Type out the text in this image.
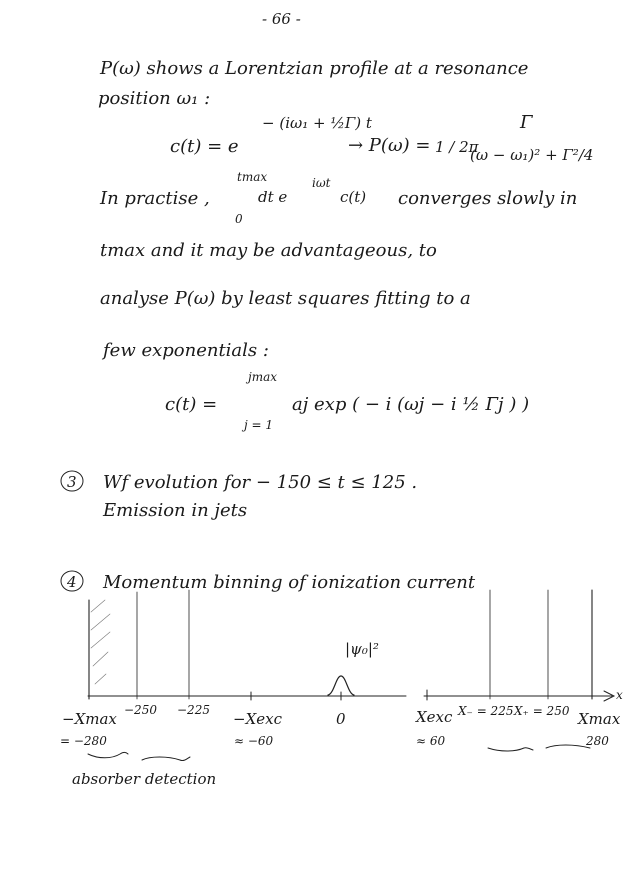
- 66 -
P(ω) shows a Lorentzian profile at a resonance
position ω₁ :
c(t) = e
− (iω₁ + ½Γ) t
→ P(ω) = 1 / 2π
Γ
(ω − ω₁)² + Γ²/4
In practise ,
tmax
0
dt e
iωt
c(t) converges slowly in
tmax and it may be advantageous, to
analyse P(ω) by least squares fitting to a
few exponentials :
c(t) =
jmax
j = 1
aj exp ( − i (ωj − i ½ Γj ) )
3 Wf evolution for − 150 ≤ t ≤ 125 .
Emission in jets
4 Momentum binning of ionization current
|ψ₀|²
x
−250 −225 −Xexc	0	Xexc X₋ = 225 X₊ = 250 Xmax
−Xmax
= −280	≈ −60	≈ 60	280
absorber detection
